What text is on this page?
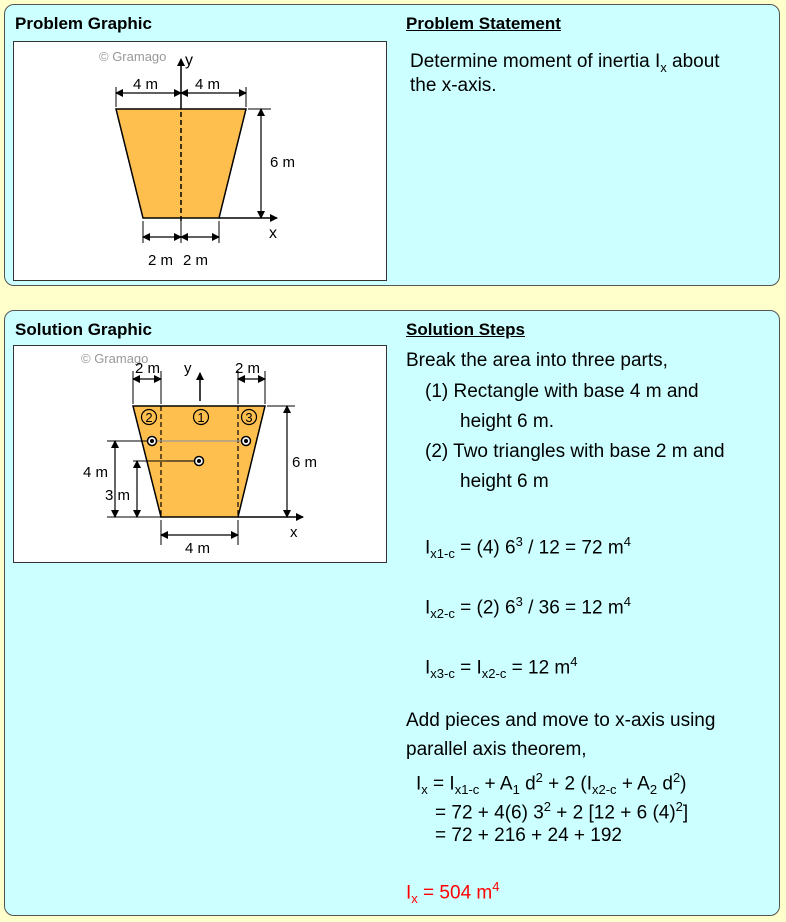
Problem Graphic	Problem Statement
© Gramago y
x
4 m 4 m
6 m
2 m 2 m
Determine moment of inertia $I_x$ about
the x-axis.
Solution Graphic	Solution Steps
© Gramago
y
x
2	1	3
2 m	2 m
6 m
4 m
3 m
4 m
Break the area into three parts,
(1) Rectangle with base 4 m and
height 6 m.
(2) Two triangles with base 2 m and
height 6 m
$I_{x1-c} = (4)$ $6^3 / 12 = 72$ $m^4$
$I_{x2-c} = (2)$ $6^3 / 36 = 12$ $m^4$
$I_{x3-c} = I_{x2-c} = 12$ $m^4$
Add pieces and move to x-axis using
parallel axis theorem,
$I_x = I_{x1-c} + A_1$ $d^2 + 2$ ($I_{x2-c} + A_2$ $d^2$)
= 72 + 4(6) $3^2 + 2$ [12 + 6 $(4)^2$]
= 72 + 216 + 24 + 192
$I_x = 504$ $m^4$
